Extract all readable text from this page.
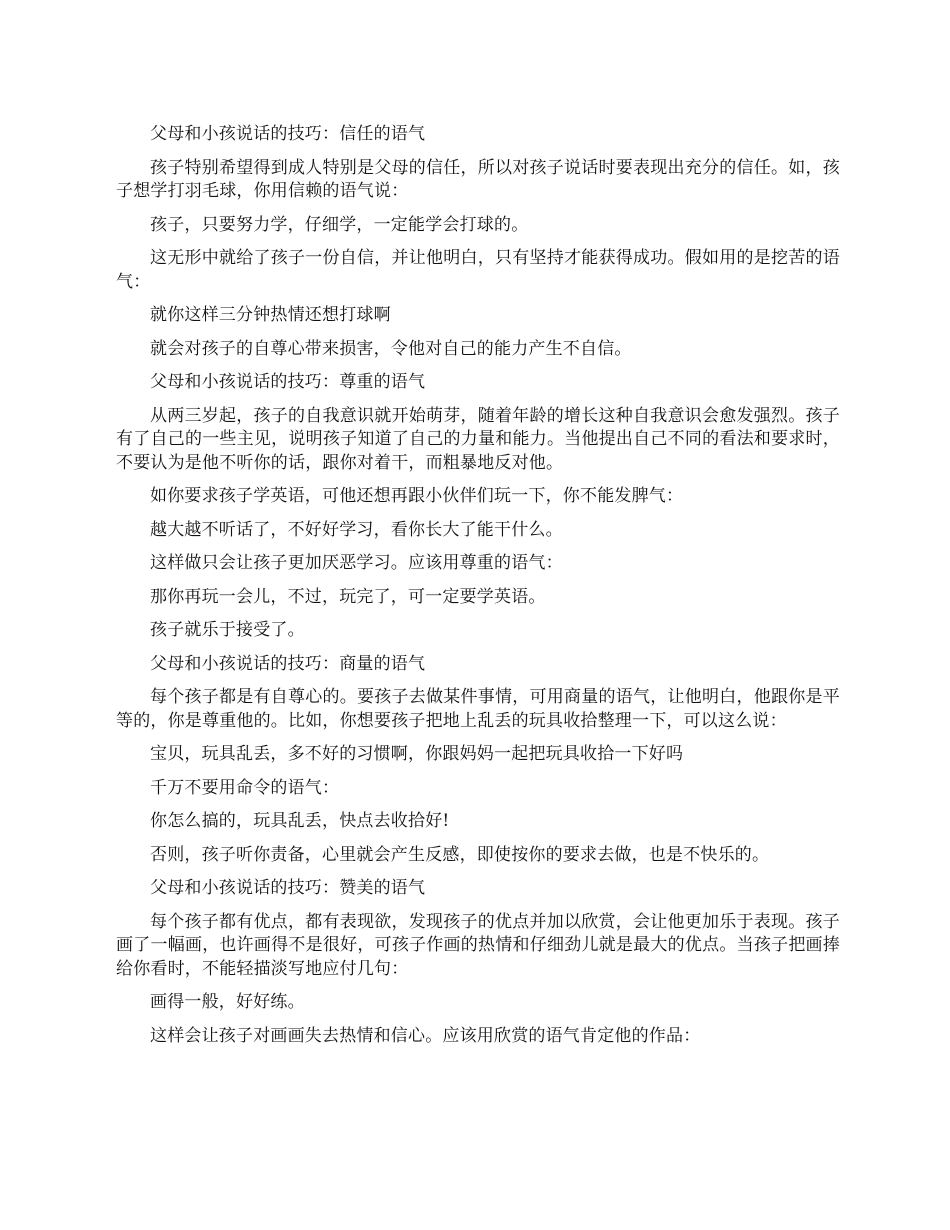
父母和小孩说话的技巧：信任的语气

孩子特别希望得到成人特别是父母的信任，所以对孩子说话时要表现出充分的信任。如，孩子想学打羽毛球，你用信赖的语气说：

孩子，只要努力学，仔细学，一定能学会打球的。

这无形中就给了孩子一份自信，并让他明白，只有坚持才能获得成功。假如用的是挖苦的语气：

就你这样三分钟热情还想打球啊

就会对孩子的自尊心带来损害，令他对自己的能力产生不自信。

父母和小孩说话的技巧：尊重的语气

从两三岁起，孩子的自我意识就开始萌芽，随着年龄的增长这种自我意识会愈发强烈。孩子有了自己的一些主见，说明孩子知道了自己的力量和能力。当他提出自己不同的看法和要求时，不要认为是他不听你的话，跟你对着干，而粗暴地反对他。

如你要求孩子学英语，可他还想再跟小伙伴们玩一下，你不能发脾气：

越大越不听话了，不好好学习，看你长大了能干什么。

这样做只会让孩子更加厌恶学习。应该用尊重的语气：

那你再玩一会儿，不过，玩完了，可一定要学英语。

孩子就乐于接受了。

父母和小孩说话的技巧：商量的语气

每个孩子都是有自尊心的。要孩子去做某件事情，可用商量的语气，让他明白，他跟你是平等的，你是尊重他的。比如，你想要孩子把地上乱丢的玩具收拾整理一下，可以这么说：

宝贝，玩具乱丢，多不好的习惯啊，你跟妈妈一起把玩具收拾一下好吗

千万不要用命令的语气：

你怎么搞的，玩具乱丢，快点去收拾好!

否则，孩子听你责备，心里就会产生反感，即使按你的要求去做，也是不快乐的。

父母和小孩说话的技巧：赞美的语气

每个孩子都有优点，都有表现欲，发现孩子的优点并加以欣赏，会让他更加乐于表现。孩子画了一幅画，也许画得不是很好，可孩子作画的热情和仔细劲儿就是最大的优点。当孩子把画捧给你看时，不能轻描淡写地应付几句：

画得一般，好好练。

这样会让孩子对画画失去热情和信心。应该用欣赏的语气肯定他的作品：
